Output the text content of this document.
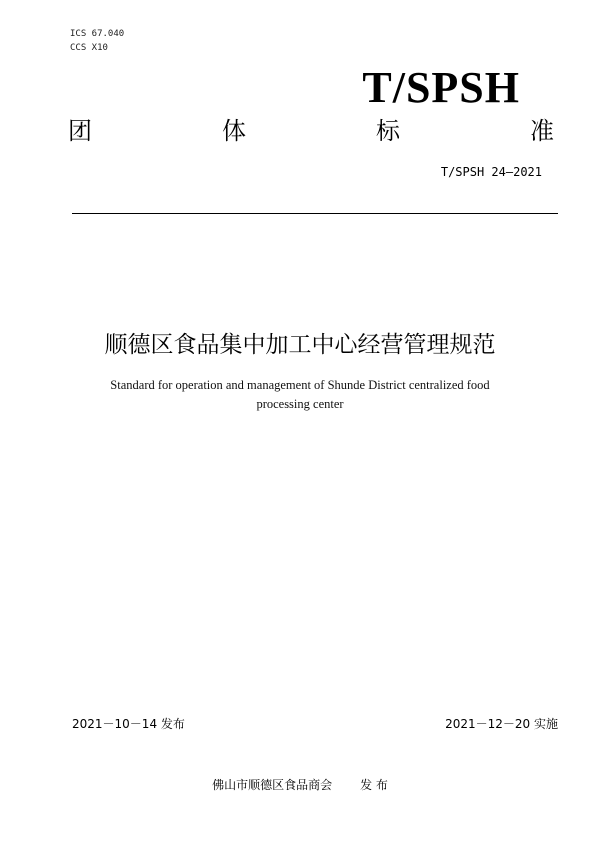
ICS 67.040
CCS X10
T/SPSH
团	体	标	准
T/SPSH 24—2021
顺德区食品集中加工中心经营管理规范
Standard for operation and management of Shunde District centralized food
processing center
2021－10－14 发布	2021－12－20 实施
佛山市顺德区食品商会 发 布
